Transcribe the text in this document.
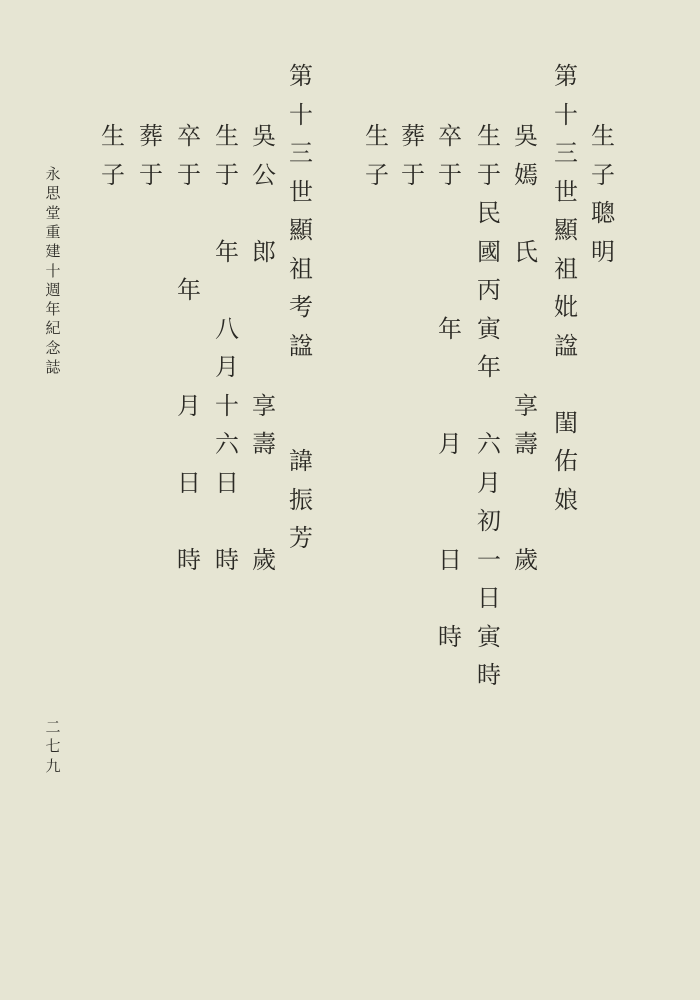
永
思
堂
重
建
十
週
年
紀
念
誌
二
七
九
生
子
聰
明
第
十
三
世
顯
祖
妣
諡
閨
佑
娘
吳
嫣
氏
享
壽
歲
生
于
民
國
丙
寅
年
六
月
初
一
日
寅
時
卒
于
年
月
日
時
葬
于
生
子
第
十
三
世
顯
祖
考
諡
諱
振
芳
吳
公
郎
享
壽
歲
生
于
年
八
月
十
六
日
時
卒
于
年
月
日
時
葬
于
生
子
